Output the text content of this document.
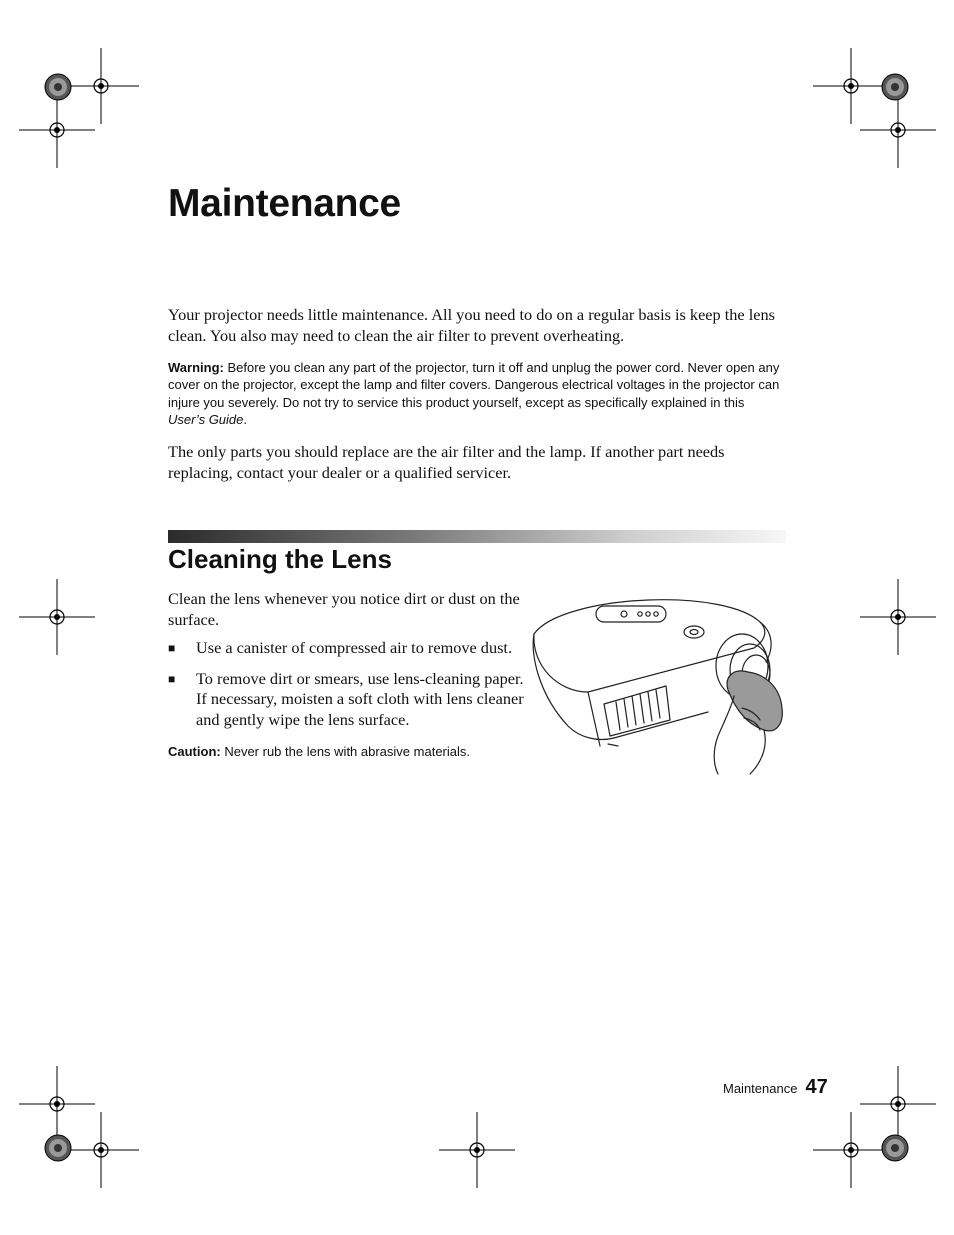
Maintenance

Your projector needs little maintenance. All you need to do on a regular basis is keep the lens clean. You also may need to clean the air filter to prevent overheating.

Warning: Before you clean any part of the projector, turn it off and unplug the power cord. Never open any cover on the projector, except the lamp and filter covers. Dangerous electrical voltages in the projector can injure you severely. Do not try to service this product yourself, except as specifically explained in this User’s Guide.

The only parts you should replace are the air filter and the lamp. If another part needs replacing, contact your dealer or a qualified servicer.

Cleaning the Lens

Clean the lens whenever you notice dirt or dust on the surface.

■	Use a canister of compressed air to remove dust.
■	To remove dirt or smears, use lens-cleaning paper. If necessary, moisten a soft cloth with lens cleaner and gently wipe the lens surface.

Caution: Never rub the lens with abrasive materials.

Maintenance 47
